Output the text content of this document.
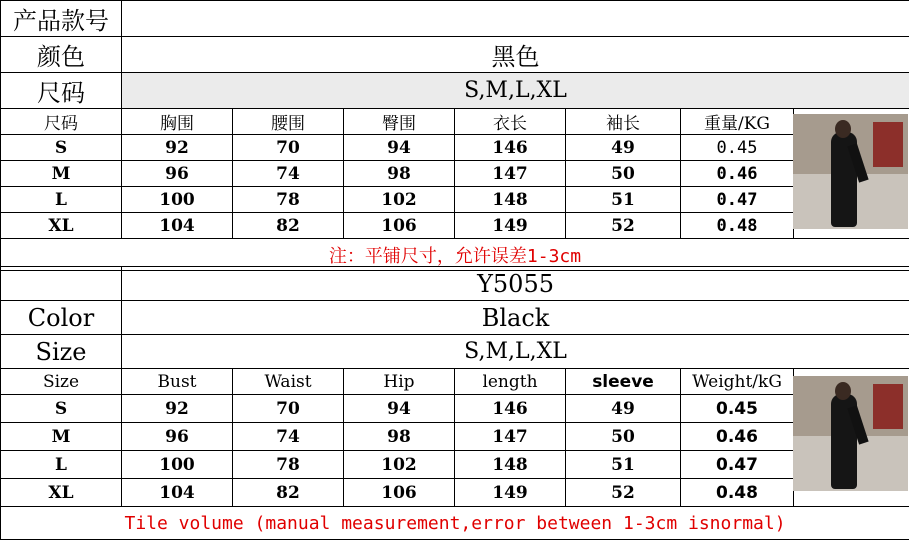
产品款号							
颜色	黑色						
尺码	S,M,L,XL						
尺码	胸围	腰围	臀围	衣长	袖长	重量/KG	
S	92	70	94	146	49	0.45	
M	96	74	98	147	50	0.46	
L	100	78	102	148	51	0.47	
XL	104	82	106	149	52	0.48	
注：平铺尺寸，允许误差1-3cm							
	Y5055						
Color	Black						
Size	S,M,L,XL						
Size	Bust	Waist	Hip	length	sleeve	Weight/kG	
S	92	70	94	146	49	0.45	
M	96	74	98	147	50	0.46	
L	100	78	102	148	51	0.47	
XL	104	82	106	149	52	0.48	
Tile volume (manual measurement,error between 1-3cm isnormal)							
